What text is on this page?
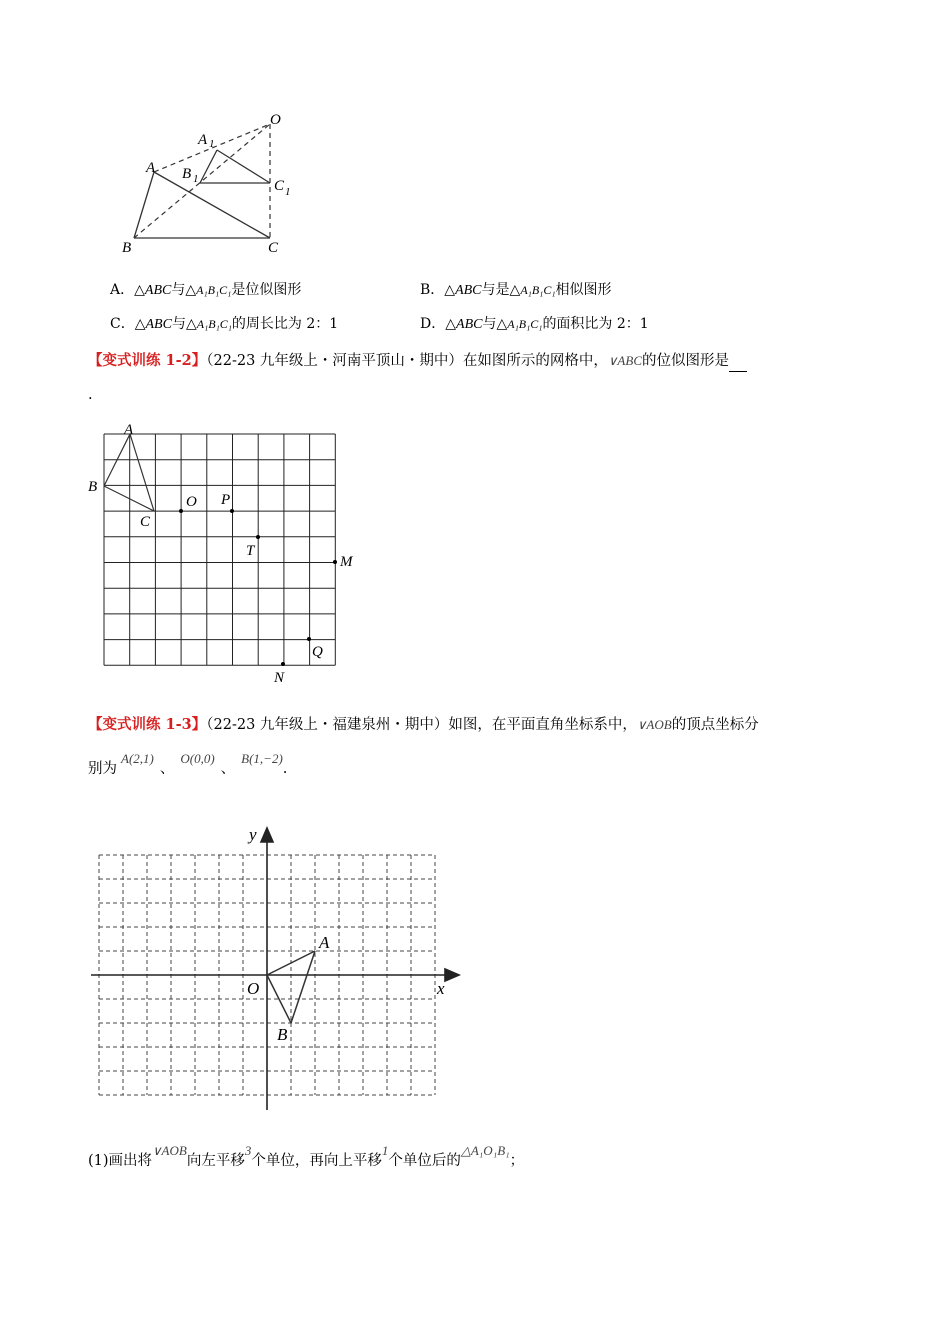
O
A 1
A B 1	C 1
B	C
A．△ABC与△A₁B₁C₁是位似图形	B．△ABC与是△A₁B₁C₁相似图形
C．△ABC与△A₁B₁C₁的周长比为 2：1	D．△ABC与△A₁B₁C₁的面积比为 2：1
【变式训练 1-2】（22-23 九年级上・河南平顶山・期中）在如图所示的网格中，∨ABC的位似图形是
.
A
B
C
O P
T
M
Q
N
【变式训练 1-3】（22-23 九年级上・福建泉州・期中）如图，在平面直角坐标系中，∨AOB的顶点坐标分
别为A(2,1)、O(0,0)、B(1,−2).
y
x
O
A
B
(1)画出将∨AOB向左平移3个单位，再向上平移1个单位后的△A₁O₁B₁；
